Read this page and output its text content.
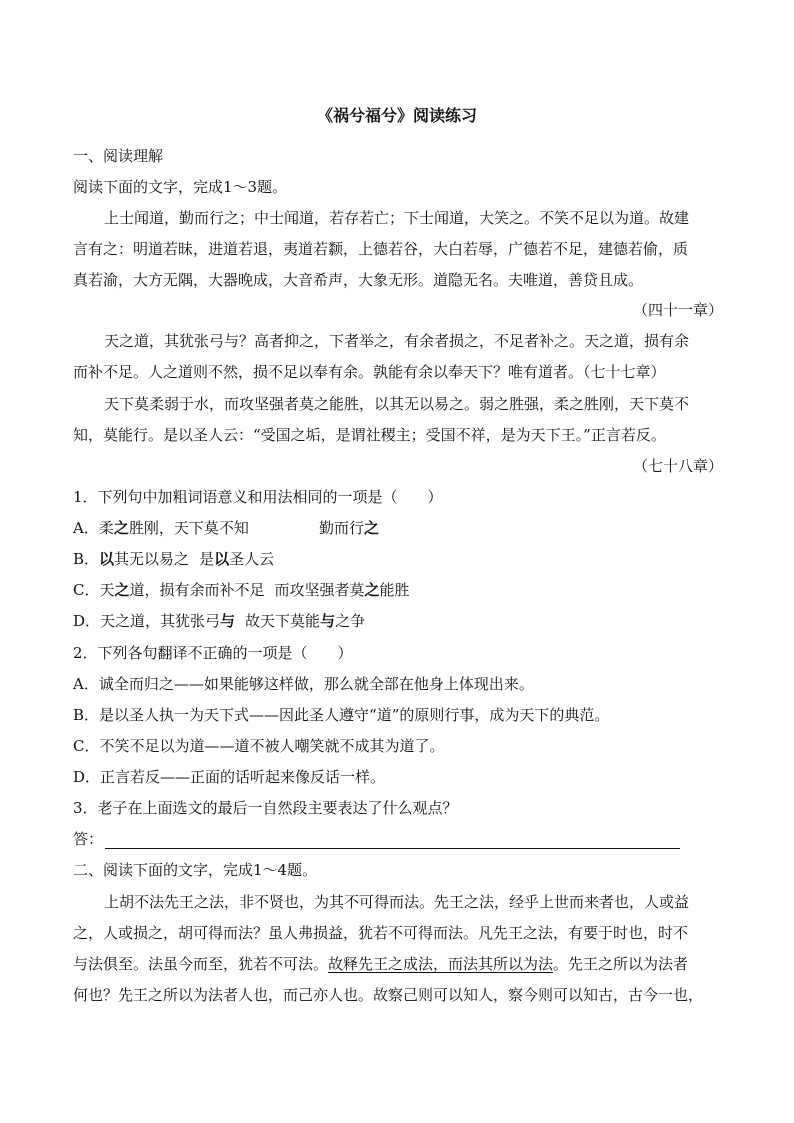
《祸兮福兮》阅读练习
一、阅读理解
阅读下面的文字，完成1～3题。
上士闻道，勤而行之；中士闻道，若存若亡；下士闻道，大笑之。不笑不足以为道。故建
言有之：明道若昧，进道若退，夷道若颣，上德若谷，大白若辱，广德若不足，建德若偷，质
真若渝，大方无隅，大器晚成，大音希声，大象无形。道隐无名。夫唯道，善贷且成。
（四十一章）
天之道，其犹张弓与？高者抑之，下者举之，有余者损之，不足者补之。天之道，损有余
而补不足。人之道则不然，损不足以奉有余。孰能有余以奉天下？唯有道者。（七十七章）
天下莫柔弱于水，而攻坚强者莫之能胜，以其无以易之。弱之胜强，柔之胜刚，天下莫不
知，莫能行。是以圣人云：“受国之垢，是谓社稷主；受国不祥，是为天下王。”正言若反。
（七十八章）
1．下列句中加粗词语意义和用法相同的一项是（　　）
A．柔之胜刚，天下莫不知	勤而行之
B．以其无以易之 是以圣人云
C．天之道，损有余而补不足 而攻坚强者莫之能胜
D．天之道，其犹张弓与 故天下莫能与之争
2．下列各句翻译不正确的一项是（　　）
A．诚全而归之——如果能够这样做，那么就全部在他身上体现出来。
B．是以圣人执一为天下式——因此圣人遵守“道”的原则行事，成为天下的典范。
C．不笑不足以为道——道不被人嘲笑就不成其为道了。
D．正言若反——正面的话听起来像反话一样。
3．老子在上面选文的最后一自然段主要表达了什么观点？
答：
二、阅读下面的文字，完成1～4题。
上胡不法先王之法，非不贤也，为其不可得而法。先王之法，经乎上世而来者也，人或益
之，人或损之，胡可得而法？虽人弗损益，犹若不可得而法。凡先王之法，有要于时也，时不
与法俱至。法虽今而至，犹若不可法。故释先王之成法，而法其所以为法。先王之所以为法者
何也？先王之所以为法者人也，而己亦人也。故察己则可以知人，察今则可以知古，古今一也，
